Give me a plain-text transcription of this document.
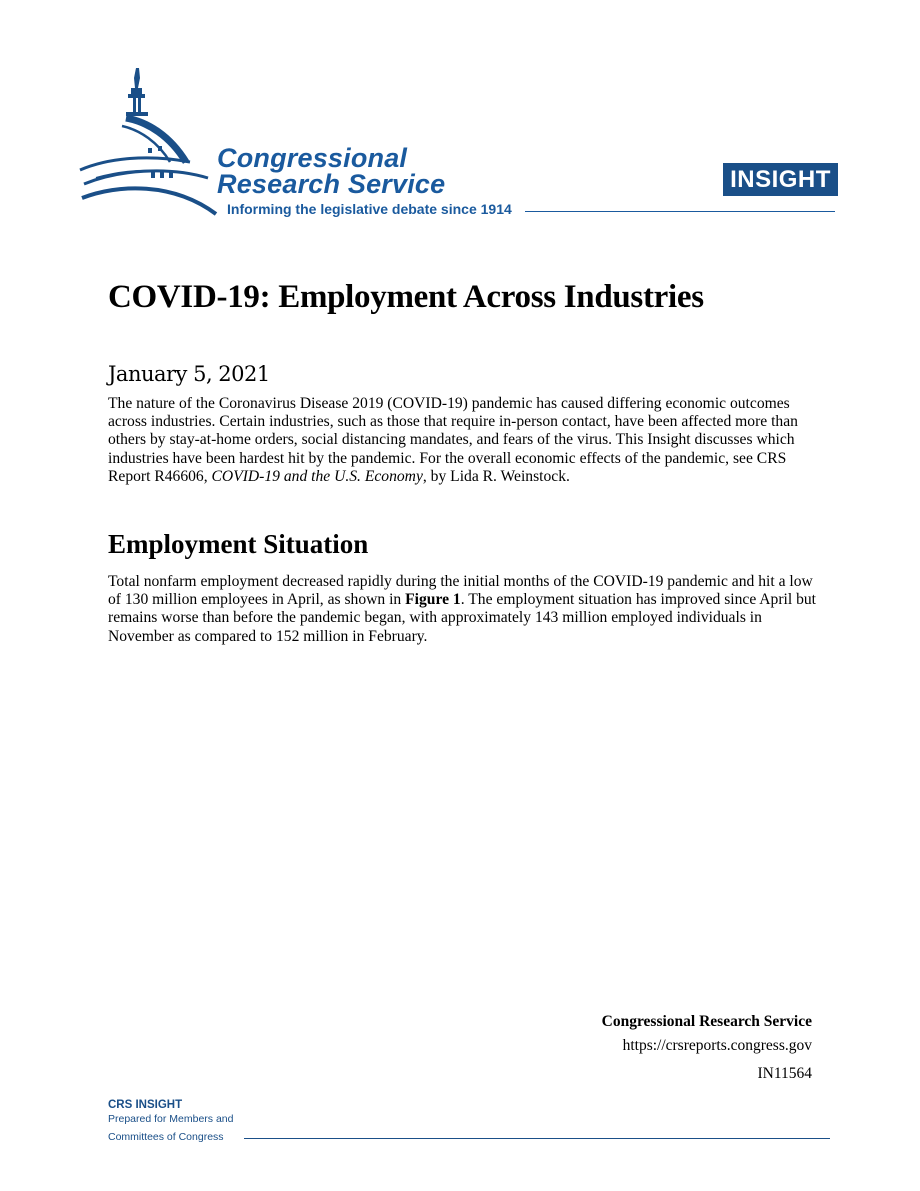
Congressional
Research Service
Informing the legislative debate since 1914
INSIGHT
COVID-19: Employment Across Industries
January 5, 2021

The nature of the Coronavirus Disease 2019 (COVID-19) pandemic has caused differing economic outcomes across industries. Certain industries, such as those that require in-person contact, have been affected more than others by stay-at-home orders, social distancing mandates, and fears of the virus. This Insight discusses which industries have been hardest hit by the pandemic. For the overall economic effects of the pandemic, see CRS Report R46606, COVID-19 and the U.S. Economy, by Lida R. Weinstock.

Employment Situation

Total nonfarm employment decreased rapidly during the initial months of the COVID-19 pandemic and hit a low of 130 million employees in April, as shown in Figure 1. The employment situation has improved since April but remains worse than before the pandemic began, with approximately 143 million employed individuals in November as compared to 152 million in February.

Congressional Research Service
https://crsreports.congress.gov
IN11564
CRS INSIGHT
Prepared for Members and
Committees of Congress
